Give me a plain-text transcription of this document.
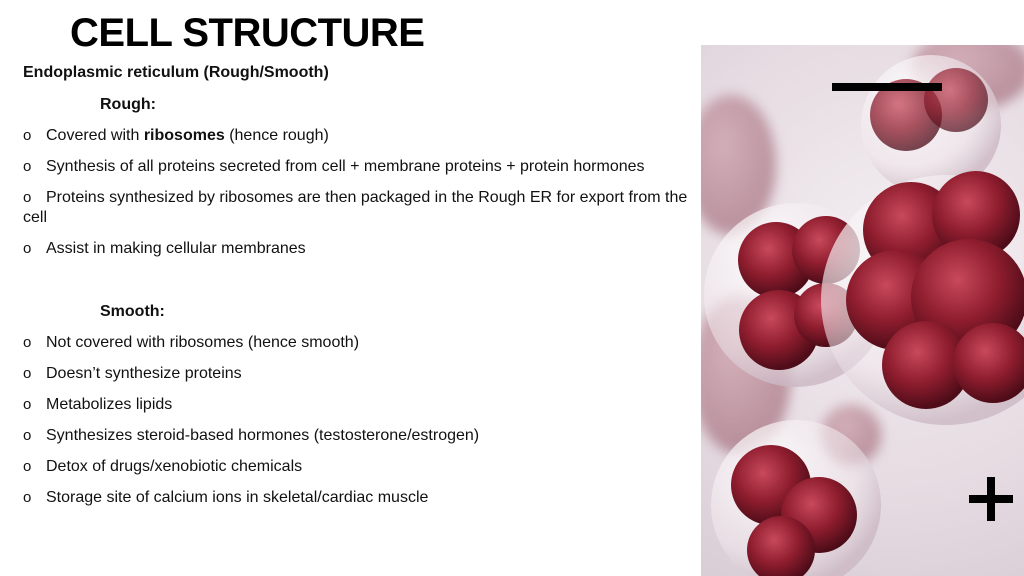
CELL STRUCTURE

Endoplasmic reticulum (Rough/Smooth)

Rough:

o Covered with ribosomes (hence rough)
o Synthesis of all proteins secreted from cell + membrane proteins + protein hormones
o Proteins synthesized by ribosomes are then packaged in the Rough ER for export from the cell
o Assist in making cellular membranes

Smooth:

o Not covered with ribosomes (hence smooth)
o Doesn’t synthesize proteins
o Metabolizes lipids
o Synthesizes steroid-based hormones (testosterone/estrogen)
o Detox of drugs/xenobiotic chemicals
o Storage site of calcium ions in skeletal/cardiac muscle
